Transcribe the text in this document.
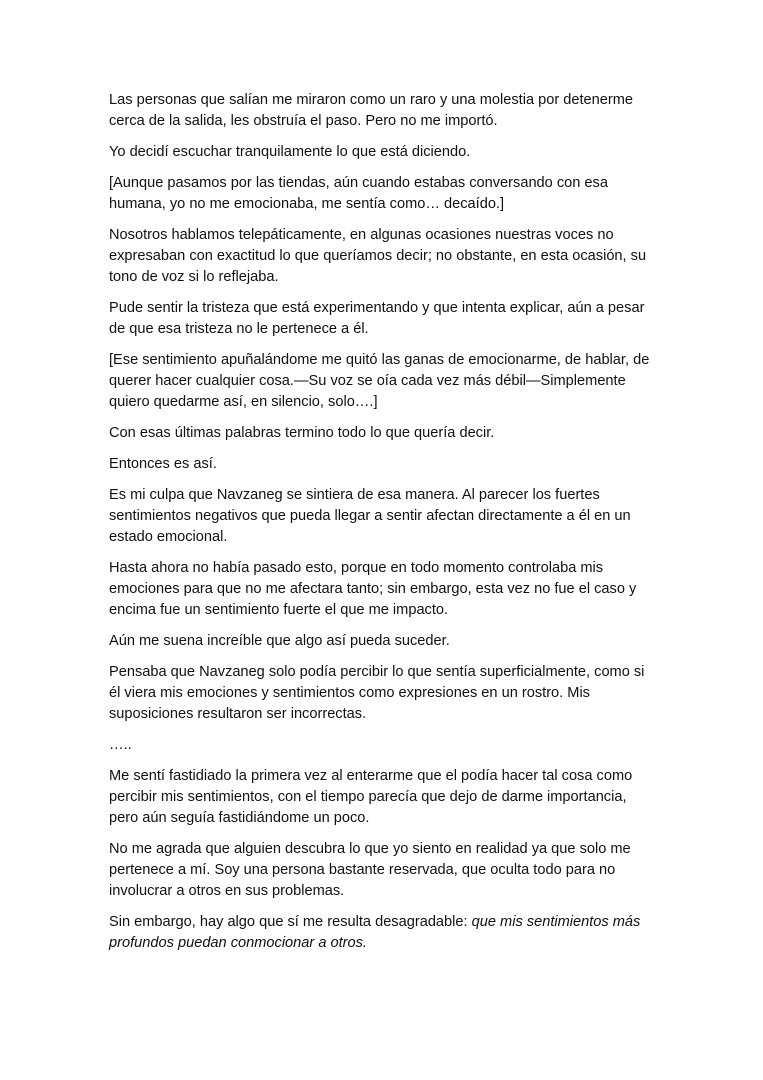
Las personas que salían me miraron como un raro y una molestia por detenerme cerca de la salida, les obstruía el paso. Pero no me importó.

Yo decidí escuchar tranquilamente lo que está diciendo.

[Aunque pasamos por las tiendas, aún cuando estabas conversando con esa humana, yo no me emocionaba, me sentía como… decaído.]

Nosotros hablamos telepáticamente, en algunas ocasiones nuestras voces no expresaban con exactitud lo que queríamos decir; no obstante, en esta ocasión, su tono de voz si lo reflejaba.

Pude sentir la tristeza que está experimentando y que intenta explicar, aún a pesar de que esa tristeza no le pertenece a él.

[Ese sentimiento apuñalándome me quitó las ganas de emocionarme, de hablar, de querer hacer cualquier cosa.—Su voz se oía cada vez más débil—Simplemente quiero quedarme así, en silencio, solo….]

Con esas últimas palabras termino todo lo que quería decir.

Entonces es así.

Es mi culpa que Navzaneg se sintiera de esa manera. Al parecer los fuertes sentimientos negativos que pueda llegar a sentir afectan directamente a él en un estado emocional.

Hasta ahora no había pasado esto, porque en todo momento controlaba mis emociones para que no me afectara tanto; sin embargo, esta vez no fue el caso y encima fue un sentimiento fuerte el que me impacto.

Aún me suena increíble que algo así pueda suceder.

Pensaba que Navzaneg solo podía percibir lo que sentía superficialmente, como si él viera mis emociones y sentimientos como expresiones en un rostro. Mis suposiciones resultaron ser incorrectas.

…..

Me sentí fastidiado la primera vez al enterarme que el podía hacer tal cosa como percibir mis sentimientos, con el tiempo parecía que dejo de darme importancia, pero aún seguía fastidiándome un poco.

No me agrada que alguien descubra lo que yo siento en realidad ya que solo me pertenece a mí. Soy una persona bastante reservada, que oculta todo para no involucrar a otros en sus problemas.

Sin embargo, hay algo que sí me resulta desagradable: que mis sentimientos más profundos puedan conmocionar a otros.
